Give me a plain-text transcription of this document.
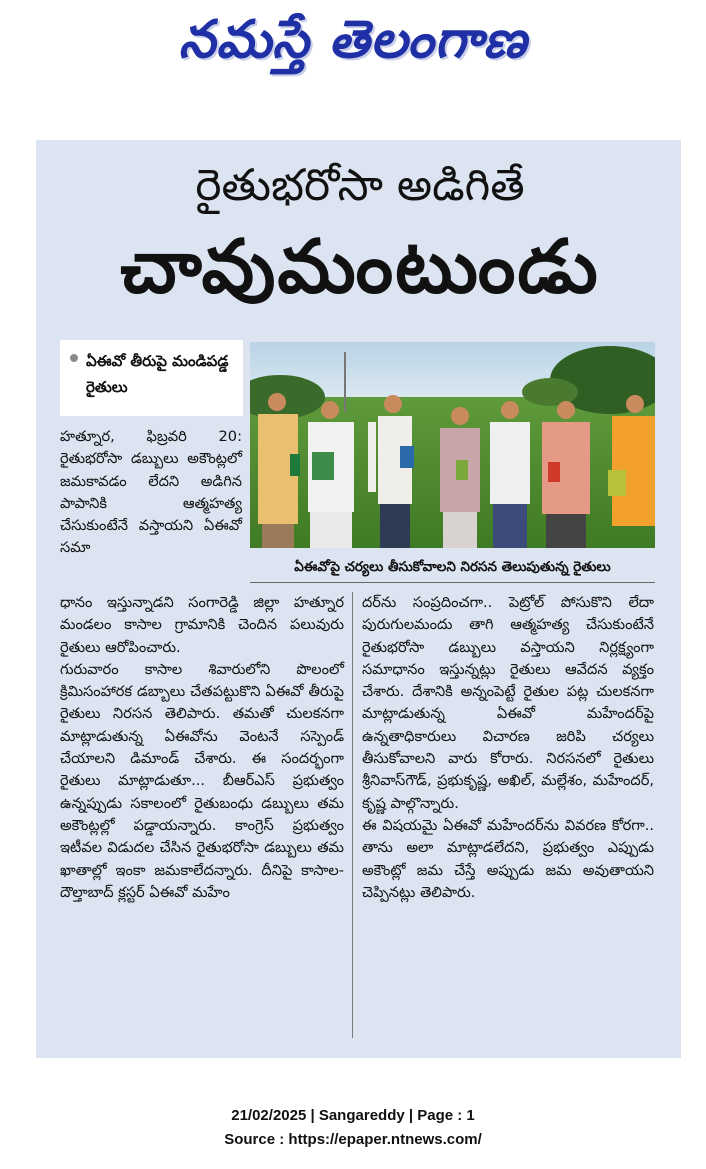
నమస్తే తెలంగాణ
రైతుభరోసా అడిగితే
చావుమంటుండు
ఏఈవో తీరుపై మండిపడ్డ రైతులు
ఏఈవోపై చర్యలు తీసుకోవాలని నిరసన తెలుపుతున్న రైతులు

హత్నూర, ఫిబ్రవరి 20: రైతుభరోసా డబ్బులు అకౌంట్లలో జమకావడం లేదని అడిగిన పాపానికి ఆత్మహత్య చేసుకుంటేనే వస్తాయని ఏఈవో సమా

ధానం ఇస్తున్నాడని సంగారెడ్డి జిల్లా హత్నూర మండలం కాసాల గ్రామానికి చెందిన పలువురు రైతులు ఆరోపించారు.

గురువారం కాసాల శివారులోని పొలంలో క్రిమిసంహారక డబ్బాలు చేతపట్టుకొని ఏఈవో తీరుపై రైతులు నిరసన తెలిపారు. తమతో చులకనగా మాట్లాడుతున్న ఏఈవోను వెంటనే సస్పెండ్ చేయాలని డిమాండ్ చేశారు. ఈ సందర్భంగా రైతులు మాట్లాడుతూ... బీఆర్ఎస్ ప్రభుత్వం ఉన్నప్పుడు సకాలంలో రైతుబంధు డబ్బులు తమ అకౌంట్లల్లో పడ్డాయన్నారు. కాంగ్రెస్ ప్రభుత్వం ఇటీవల విడుదల చేసిన రైతుభరోసా డబ్బులు తమ ఖాతాల్లో ఇంకా జమకాలేదన్నారు. దీనిపై కాసాల-దౌల్తాబాద్ క్లస్టర్ ఏఈవో మహేం

దర్‌ను సంప్రదించగా.. పెట్రోల్ పోసుకొని లేదా పురుగులమందు తాగి ఆత్మహత్య చేసుకుంటేనే రైతుభరోసా డబ్బులు వస్తాయని నిర్లక్ష్యంగా సమాధానం ఇస్తున్నట్లు రైతులు ఆవేదన వ్యక్తం చేశారు. దేశానికి అన్నంపెట్టే రైతుల పట్ల చులకనగా మాట్లాడుతున్న ఏఈవో మహేందర్‌పై ఉన్నతాధికారులు విచారణ జరిపి చర్యలు తీసుకోవాలని వారు కోరారు. నిరసనలో రైతులు శ్రీనివాస్‌గౌడ్, ప్రభుకృష్ణ, అఖిల్, మల్లేశం, మహేందర్, కృష్ణ పాల్గొన్నారు.

ఈ విషయమై ఏఈవో మహేందర్‌ను వివరణ కోరగా.. తాను అలా మాట్లాడలేదని, ప్రభుత్వం ఎప్పుడు అకౌంట్లో జమ చేస్తే అప్పుడు జమ అవుతాయని చెప్పినట్లు తెలిపారు.

21/02/2025 | Sangareddy | Page : 1
Source : https://epaper.ntnews.com/
